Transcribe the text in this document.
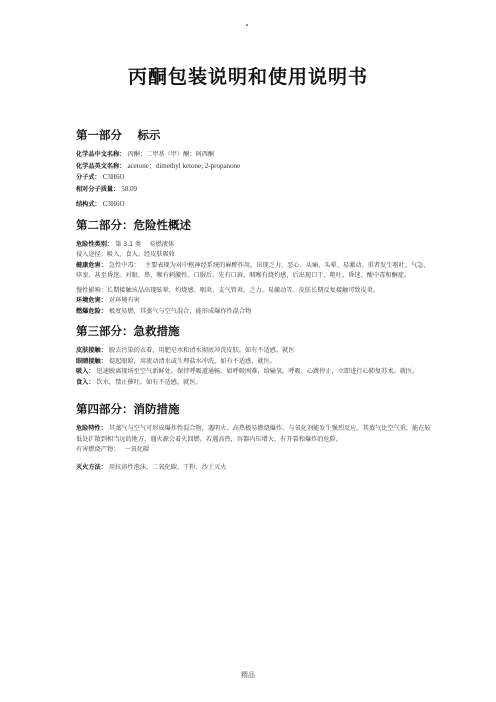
丙酮包装说明和使用说明书
第一部分　 标示

化学品中文名称： 丙酮；二甲基（甲）酮；阿西酮

化学品英文名称： acetone；dimethyl ketone; 2-propanone

分子式： C3H6O

相对分子质量： 58.09

结构式： C3H6O

第二部分：危险性概述

危险性类别： 第 3.1 类　 易燃液体

侵入途径：吸入、食入、经皮肤吸收

健康危害： 急性中毒：　 主要表现为对中枢神经系统的麻醉作用，出现乏力、恶心、头痛、头晕、易激动。重者发生呕吐、气急、痉挛，甚至昏迷。对眼、鼻、喉有刺激性。口服后，先有口唇、咽喉有烧灼感，后出现口干、呕吐、昏迷、酸中毒和酮症。

慢性影响：长期接触该品出现眩晕、灼烧感、咽炎、支气管炎、乏力、易激动等。皮肤长期反复接触可致皮炎。

环境危害： 对环境有害

燃爆危险： 极度易燃，其蒸气与空气混合，能形成爆炸性混合物

第三部分：急救措施

皮肤接触： 脱去污染的衣着，用肥皂水和清水彻底冲洗皮肤。如有不适感，就医

眼睛接触： 提起眼睑，用流动清水或生理盐水冲洗。如有不适感，就医。

吸入： 迅速脱离现场至空气新鲜处。保持呼吸道通畅。如呼吸困难，给输氧。呼吸、心跳停止，立即进行心肺复苏术。就医。

食入： 饮水，禁止催吐。如有不适感，就医。

第四部分：消防措施

危险特性： 其蒸气与空气可形成爆炸性混合物，遇明火、高热极易燃烧爆炸。与氧化剂能发生强烈反应。其蒸气比空气重，能在较低处扩散到相当远的地方，遇火源会着火回燃。若遇高热，容器内压增大，有开裂和爆炸的危险。

有害燃烧产物：　 一氧化碳

灭火方法： 用抗溶性泡沫、二氧化碳、干粉、沙土灭火

精品
